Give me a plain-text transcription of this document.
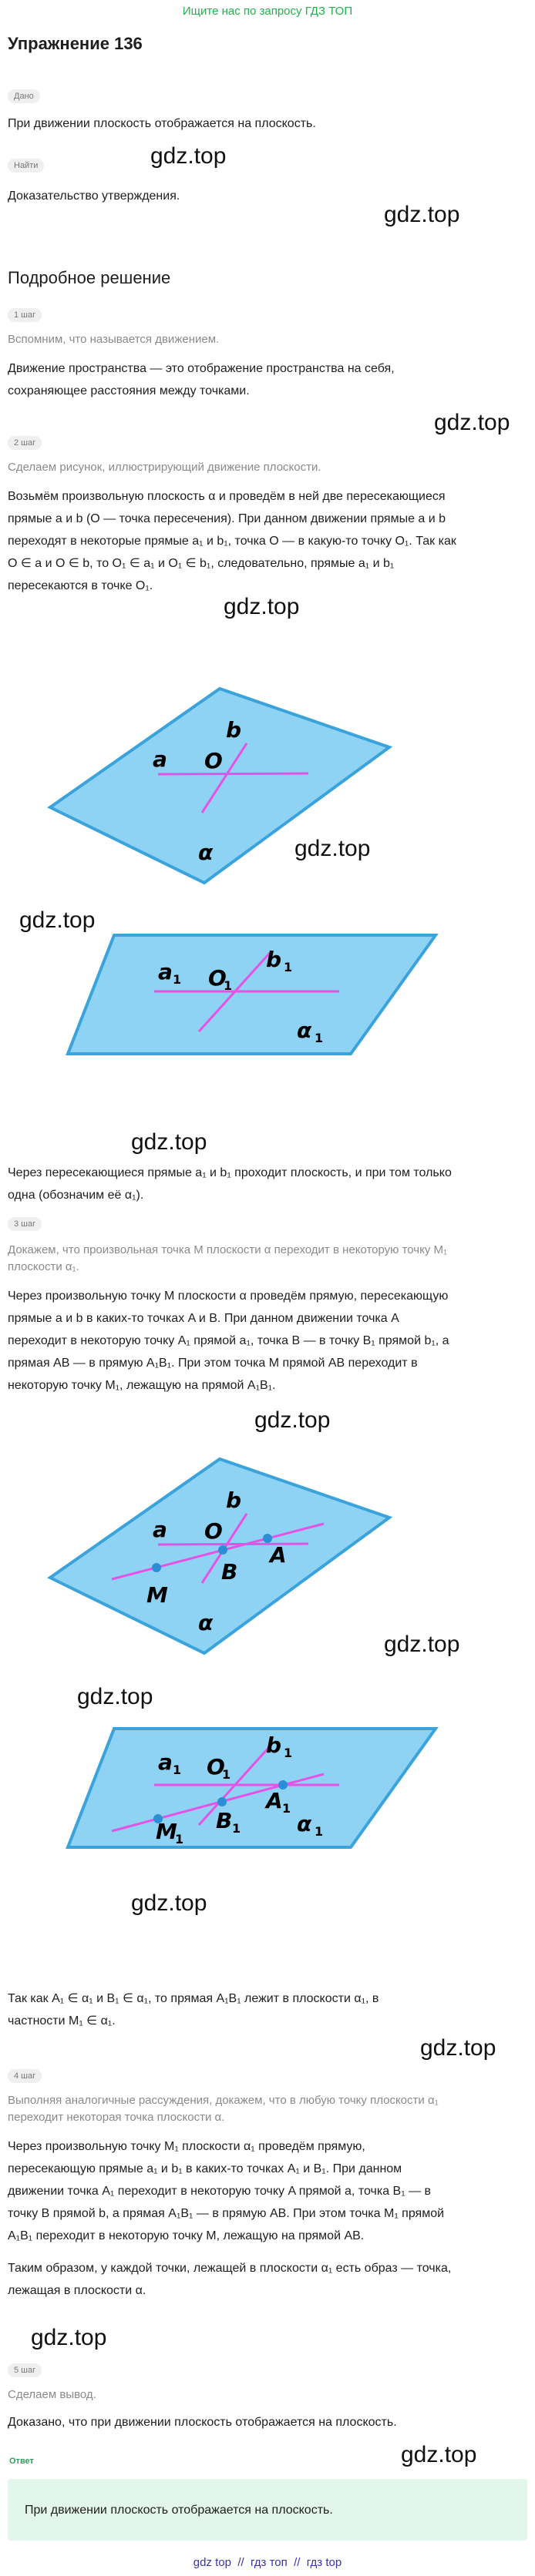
Ищите нас по запросу ГДЗ ТОП
Упражнение 136
Дано
При движении плоскость отображается на плоскость.
Найти
Доказательство утверждения.
gdz.top
gdz.top
Подробное решение
1 шаг
Вспомним, что называется движением.
Движение пространства — это отображение пространства на себя,
сохраняющее расстояния между точками.
gdz.top
2 шаг
Сделаем рисунок, иллюстрирующий движение плоскости.
Возьмём произвольную плоскость α и проведём в ней две пересекающиеся
прямые a и b (O — точка пересечения). При данном движении прямые a и b
переходят в некоторые прямые a₁ и b₁, точка O — в какую-то точку O₁. Так как
O ∈ a и O ∈ b, то O₁ ∈ a₁ и O₁ ∈ b₁, следовательно, прямые a₁ и b₁
пересекаются в точке O₁.
gdz.top
a
b
O
α	gdz.top
gdz.top
a 1
b 1
O
1
α 1
gdz.top
Через пересекающиеся прямые a₁ и b₁ проходит плоскость, и при том только
одна (обозначим её α₁).
3 шаг
Докажем, что произвольная точка M плоскости α переходит в некоторую точку M₁
плоскости α₁.
Через произвольную точку M плоскости α проведём прямую, пересекающую
прямые a и b в каких-то точках A и B. При данном движении точка A
переходит в некоторую точку A₁ прямой a₁, точка B — в точку B₁ прямой b₁, а
прямая AB — в прямую A₁B₁. При этом точка M прямой AB переходит в
некоторую точку M₁, лежащую на прямой A₁B₁.
gdz.top
a
b
O
M
B
A
α
gdz.top
gdz.top
a 1
b 1
O
1
A 1
B 1
M
1
α 1
gdz.top
Так как A₁ ∈ α₁ и B₁ ∈ α₁, то прямая A₁B₁ лежит в плоскости α₁, в
частности M₁ ∈ α₁.
gdz.top
4 шаг
Выполняя аналогичные рассуждения, докажем, что в любую точку плоскости α₁
переходит некоторая точка плоскости α.
Через произвольную точку M₁ плоскости α₁ проведём прямую,
пересекающую прямые a₁ и b₁ в каких-то точках A₁ и B₁. При данном
движении точка A₁ переходит в некоторую точку A прямой a, точка B₁ — в
точку B прямой b, а прямая A₁B₁ — в прямую AB. При этом точка M₁ прямой
A₁B₁ переходит в некоторую точку M, лежащую на прямой AB.
Таким образом, у каждой точки, лежащей в плоскости α₁ есть образ — точка,
лежащая в плоскости α.
gdz.top
5 шаг
Сделаем вывод.
Доказано, что при движении плоскость отображается на плоскость.
gdz.top
Ответ
При движении плоскость отображается на плоскость.
gdz top  //  гдз топ  //  гдз top
